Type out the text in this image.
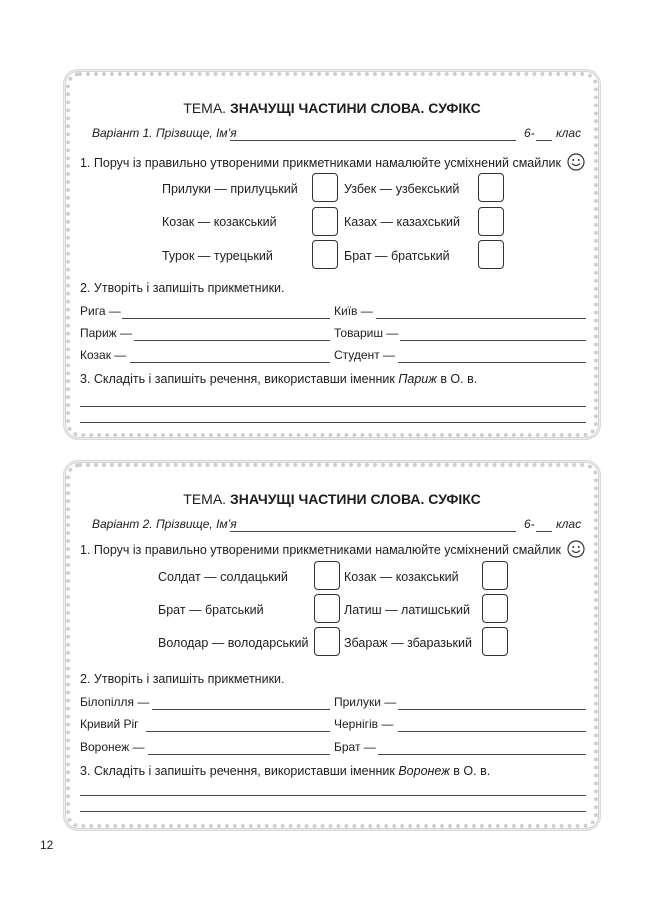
ТЕМА. ЗНАЧУЩІ ЧАСТИНИ СЛОВА. СУФІКС
Варіант 1. Прізвище, Ім’я	6- клас
1. Поруч із правильно утвореними прикметниками намалюйте усміхнений смайлик
Прилуки — прилуцький	Узбек — узбекський
Козак — козакський	Казах — казахський
Турок — турецький	Брат — братський
2. Утворіть і запишіть прикметники.
Рига —	Київ —
Париж —	Товариш —
Козак —	Студент —
3. Складіть і запишіть речення, використавши іменник Париж в О. в.
ТЕМА. ЗНАЧУЩІ ЧАСТИНИ СЛОВА. СУФІКС
Варіант 2. Прізвище, Ім’я	6- клас
1. Поруч із правильно утвореними прикметниками намалюйте усміхнений смайлик
Солдат — солдацький	Козак — козакський
Брат — братський	Латиш — латишський
Володар — володарський	Збараж — збаразький
2. Утворіть і запишіть прикметники.
Білопілля —	Прилуки —
Кривий Ріг	Чернігів —
Воронеж —	Брат —
3. Складіть і запишіть речення, використавши іменник Воронеж в О. в.
12
